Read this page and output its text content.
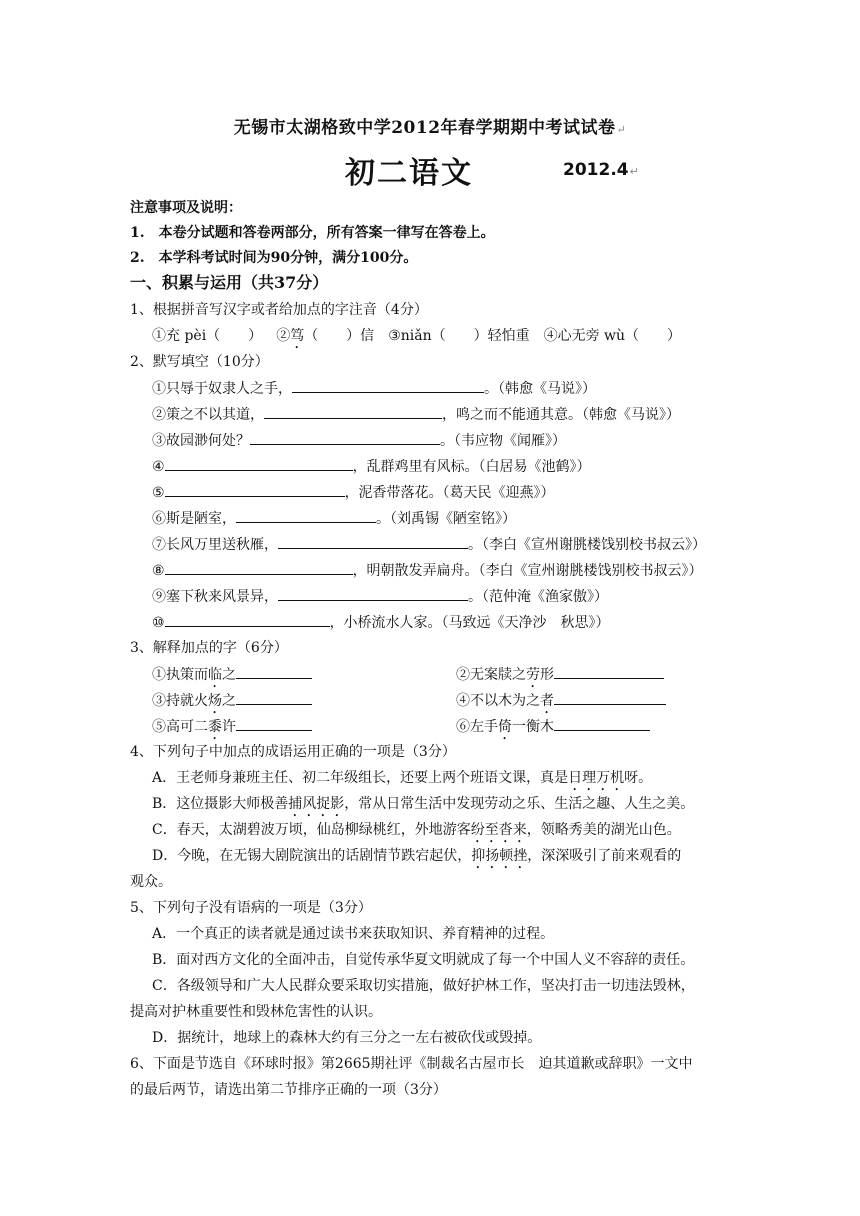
无锡市太湖格致中学2012年春学期期中考试试卷↵
初二语文	2012.4↵
注意事项及说明：
1.　本卷分试题和答卷两部分，所有答案一律写在答卷上。
2.　本学科考试时间为90分钟，满分100分。
一、积累与运用（共37分）
1、根据拼音写汉字或者给加点的字注音（4分）
①充 pèi（　　） ②笃（　　）信 ③niǎn（　　）轻怕重 ④心无旁 wù（　　）
2、默写填空（10分）
①只辱于奴隶人之手，	。（韩愈《马说》）
②策之不以其道，	，鸣之而不能通其意。（韩愈《马说》）
③故园渺何处？	。（韦应物《闻雁》）
④	，乱群鸡里有风标。（白居易《池鹤》）
⑤	，泥香带落花。（葛天民《迎燕》）
⑥斯是陋室，	。（刘禹锡《陋室铭》）
⑦长风万里送秋雁，	。（李白《宣州谢朓楼饯别校书叔云》）
⑧	，明朝散发弄扁舟。（李白《宣州谢朓楼饯别校书叔云》）
⑨塞下秋来风景异，	。（范仲淹《渔家傲》）
⑩	，小桥流水人家。（马致远《天净沙　秋思》）
3、解释加点的字（6分）
①执策而临之	②无案牍之劳形
③持就火炀之	④不以木为之者
⑤高可二黍许	⑥左手倚一衡木
4、下列句子中加点的成语运用正确的一项是（3分）
A．王老师身兼班主任、初二年级组长，还要上两个班语文课，真是日理万机呀。
B．这位摄影大师极善捕风捉影，常从日常生活中发现劳动之乐、生活之趣、人生之美。
C．春天，太湖碧波万顷，仙岛柳绿桃红，外地游客纷至沓来，领略秀美的湖光山色。
D．今晚，在无锡大剧院演出的话剧情节跌宕起伏，抑扬顿挫，深深吸引了前来观看的
观众。
5、下列句子没有语病的一项是（3分）
A．一个真正的读者就是通过读书来获取知识、养育精神的过程。
B．面对西方文化的全面冲击，自觉传承华夏文明就成了每一个中国人义不容辞的责任。
C．各级领导和广大人民群众要采取切实措施，做好护林工作，坚决打击一切违法毁林，
提高对护林重要性和毁林危害性的认识。
D．据统计，地球上的森林大约有三分之一左右被砍伐或毁掉。
6、下面是节选自《环球时报》第2665期社评《制裁名古屋市长　迫其道歉或辞职》一文中
的最后两节，请选出第二节排序正确的一项（3分）
